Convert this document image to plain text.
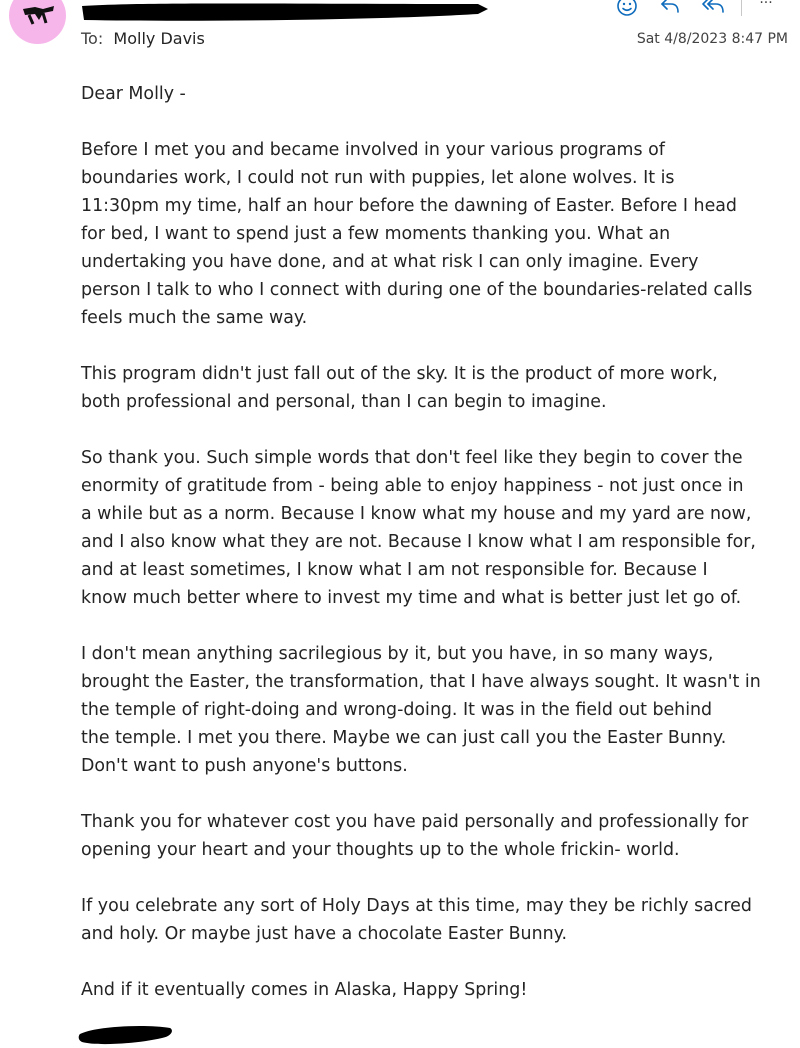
···
To: Molly Davis	Sat 4/8/2023 8:47 PM

Dear Molly -

Before I met you and became involved in your various programs of
boundaries work, I could not run with puppies, let alone wolves. It is
11:30pm my time, half an hour before the dawning of Easter. Before I head
for bed, I want to spend just a few moments thanking you. What an
undertaking you have done, and at what risk I can only imagine. Every
person I talk to who I connect with during one of the boundaries-related calls
feels much the same way.

This program didn't just fall out of the sky. It is the product of more work,
both professional and personal, than I can begin to imagine.

So thank you. Such simple words that don't feel like they begin to cover the
enormity of gratitude from - being able to enjoy happiness - not just once in
a while but as a norm. Because I know what my house and my yard are now,
and I also know what they are not. Because I know what I am responsible for,
and at least sometimes, I know what I am not responsible for. Because I
know much better where to invest my time and what is better just let go of.

I don't mean anything sacrilegious by it, but you have, in so many ways,
brought the Easter, the transformation, that I have always sought. It wasn't in
the temple of right-doing and wrong-doing. It was in the field out behind
the temple. I met you there. Maybe we can just call you the Easter Bunny.
Don't want to push anyone's buttons.

Thank you for whatever cost you have paid personally and professionally for
opening your heart and your thoughts up to the whole frickin- world.

If you celebrate any sort of Holy Days at this time, may they be richly sacred
and holy. Or maybe just have a chocolate Easter Bunny.

And if it eventually comes in Alaska, Happy Spring!
